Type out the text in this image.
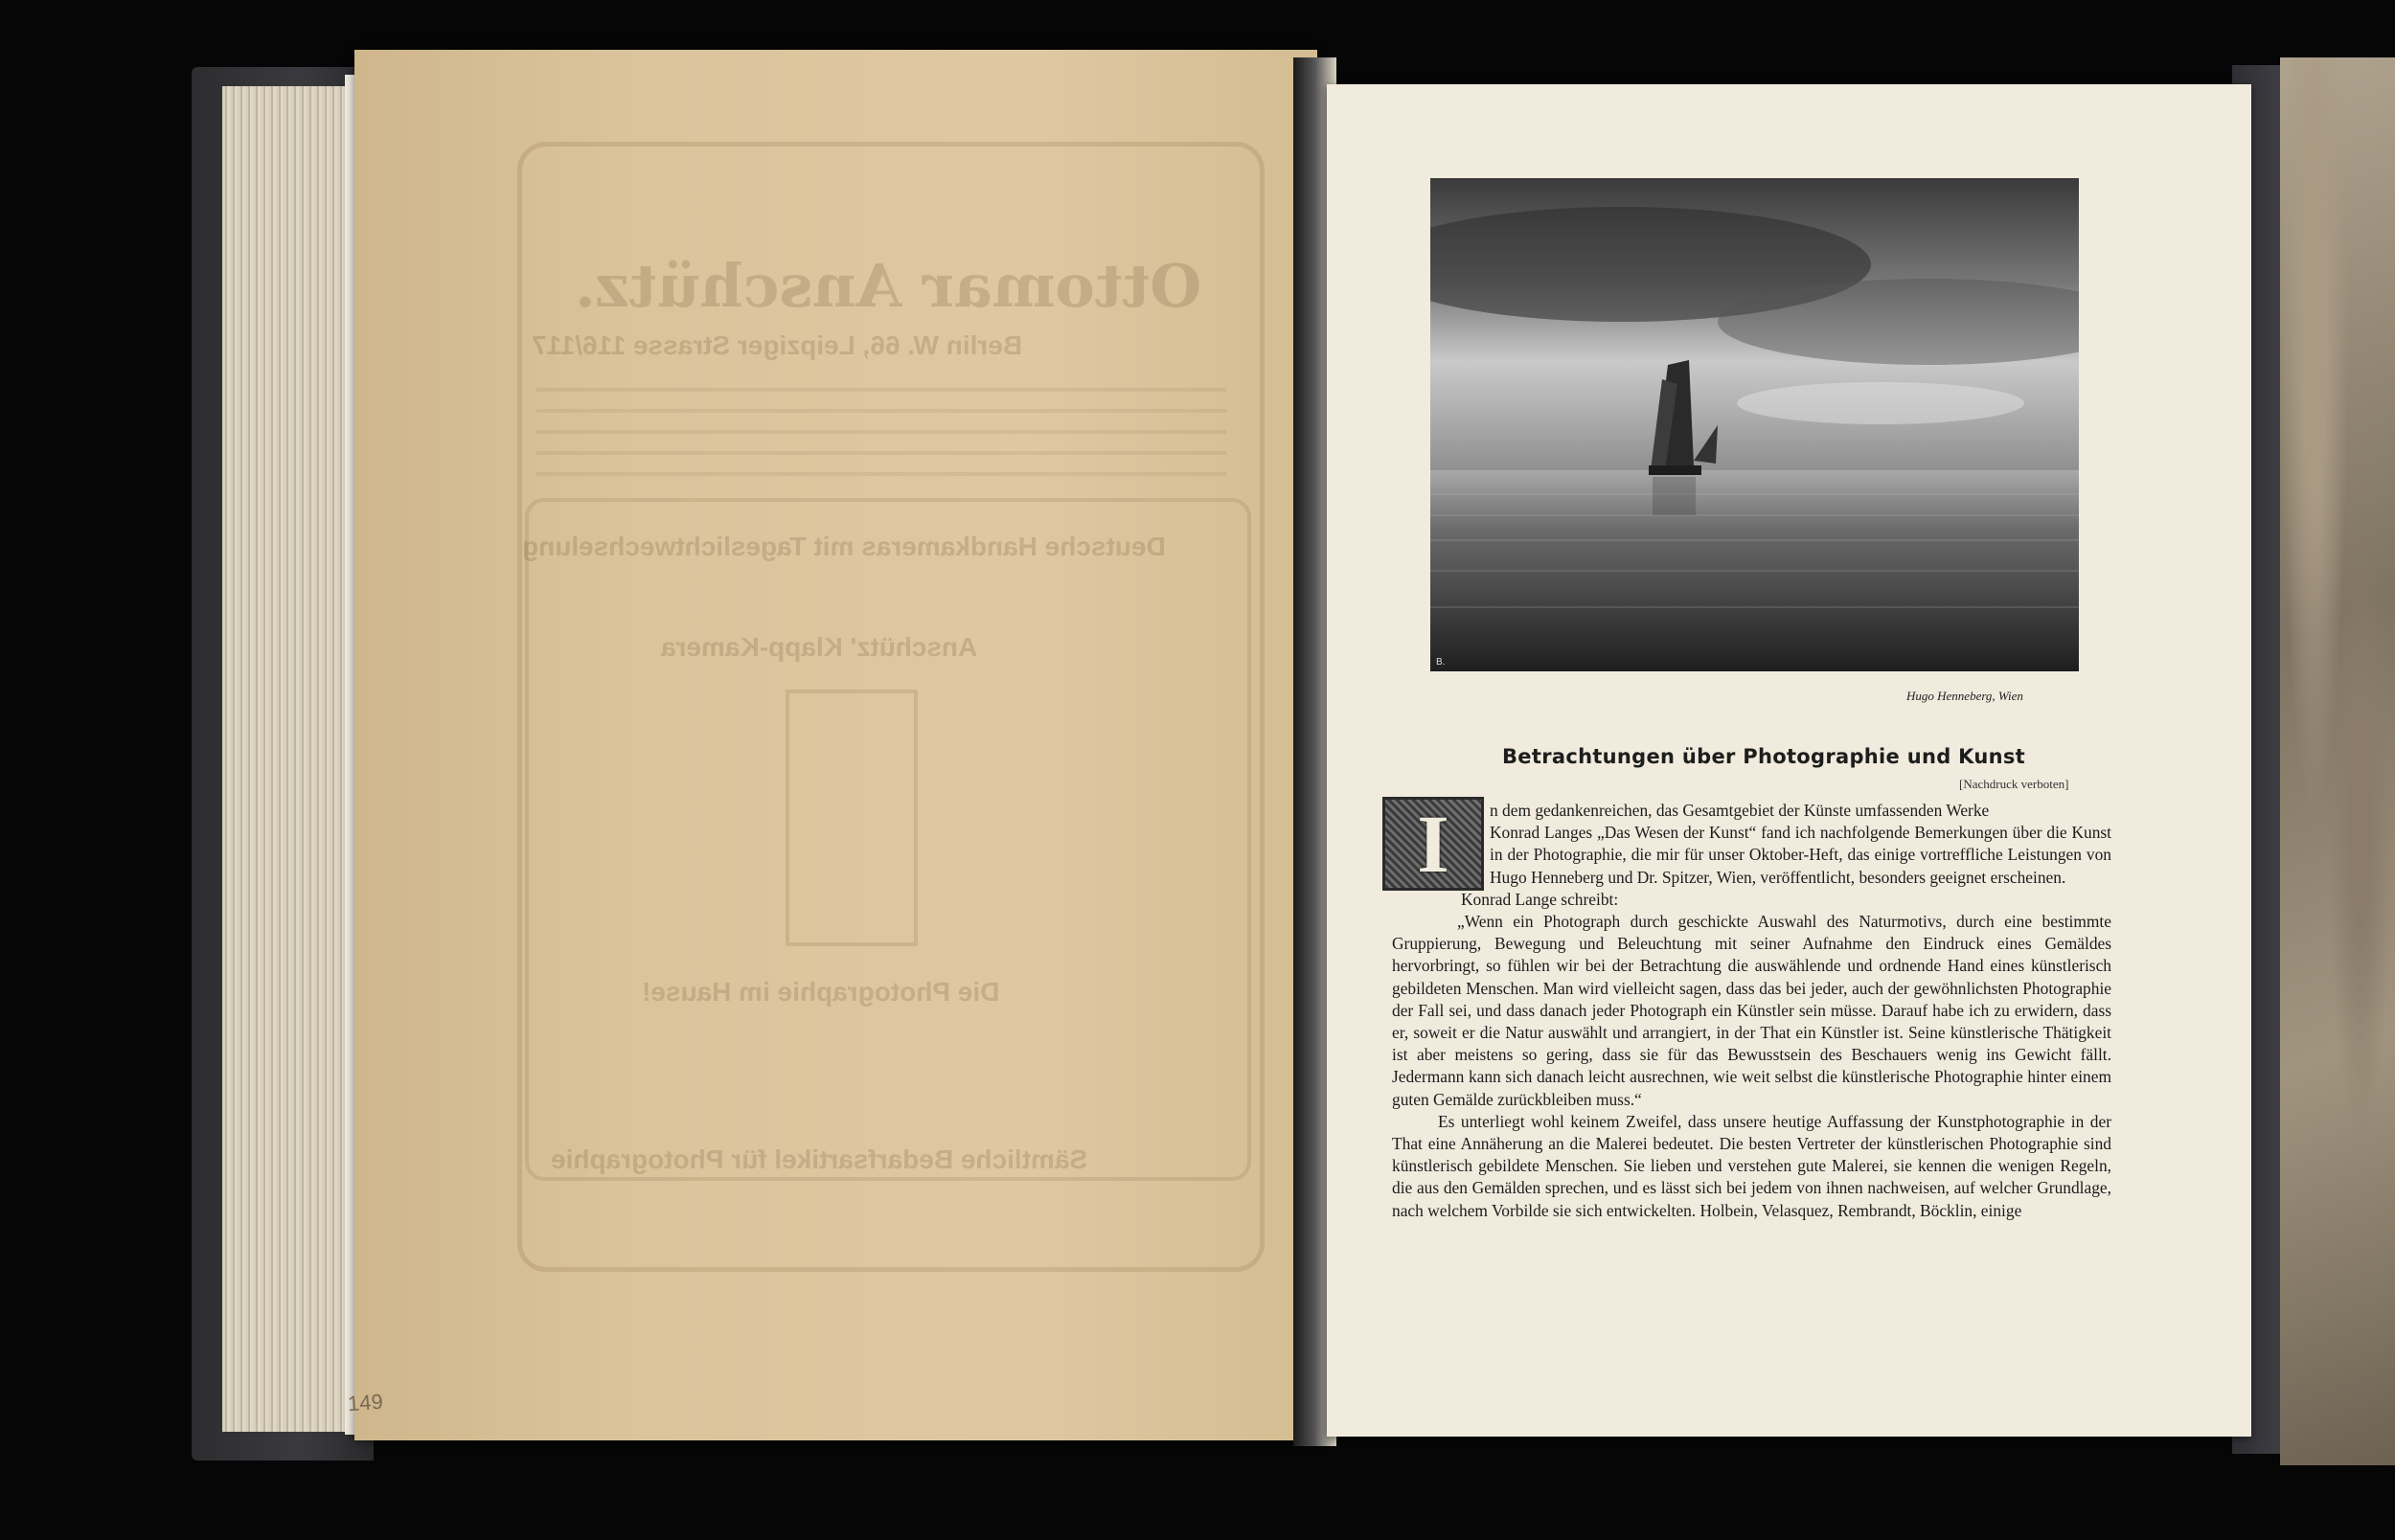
Ottomar Anschütz.
Berlin W. 66, Leipziger Strasse 116/117
Deutsche Handkameras mit Tageslichtwechselung
Anschütz' Klapp-Kamera
Die Photographie im Hause!
Sämtliche Bedarfsartikel für Photographie
149
B.
Hugo Henneberg, Wien
Betrachtungen über Photographie und Kunst
[Nachdruck verboten]
I	n dem gedankenreichen, das Gesamtgebiet der Künste umfassenden Werke

Konrad Langes „Das Wesen der Kunst“ fand ich nachfolgende Bemerkungen über die Kunst in der Photographie, die mir für unser Oktober-Heft, das einige vortreffliche Leistungen von Hugo Henneberg und Dr. Spitzer, Wien, veröffentlicht, besonders geeignet erscheinen.

Konrad Lange schreibt:

„Wenn ein Photograph durch geschickte Auswahl des Naturmotivs, durch eine bestimmte Gruppierung, Bewegung und Beleuchtung mit seiner Aufnahme den Eindruck eines Gemäldes hervorbringt, so fühlen wir bei der Betrachtung die auswählende und ordnende Hand eines künstlerisch gebildeten Menschen. Man wird vielleicht sagen, dass das bei jeder, auch der gewöhnlichsten Photographie der Fall sei, und dass danach jeder Photograph ein Künstler sein müsse. Darauf habe ich zu erwidern, dass er, soweit er die Natur auswählt und arrangiert, in der That ein Künstler ist. Seine künstlerische Thätigkeit ist aber meistens so gering, dass sie für das Bewusstsein des Beschauers wenig ins Gewicht fällt. Jedermann kann sich danach leicht ausrechnen, wie weit selbst die künstlerische Photographie hinter einem guten Gemälde zurückbleiben muss.“

Es unterliegt wohl keinem Zweifel, dass unsere heutige Auffassung der Kunstphotographie in der That eine Annäherung an die Malerei bedeutet. Die besten Vertreter der künstlerischen Photographie sind künstlerisch gebildete Menschen. Sie lieben und verstehen gute Malerei, sie kennen die wenigen Regeln, die aus den Gemälden sprechen, und es lässt sich bei jedem von ihnen nachweisen, auf welcher Grundlage, nach welchem Vorbilde sie sich entwickelten. Holbein, Velasquez, Rembrandt, Böcklin, einige
